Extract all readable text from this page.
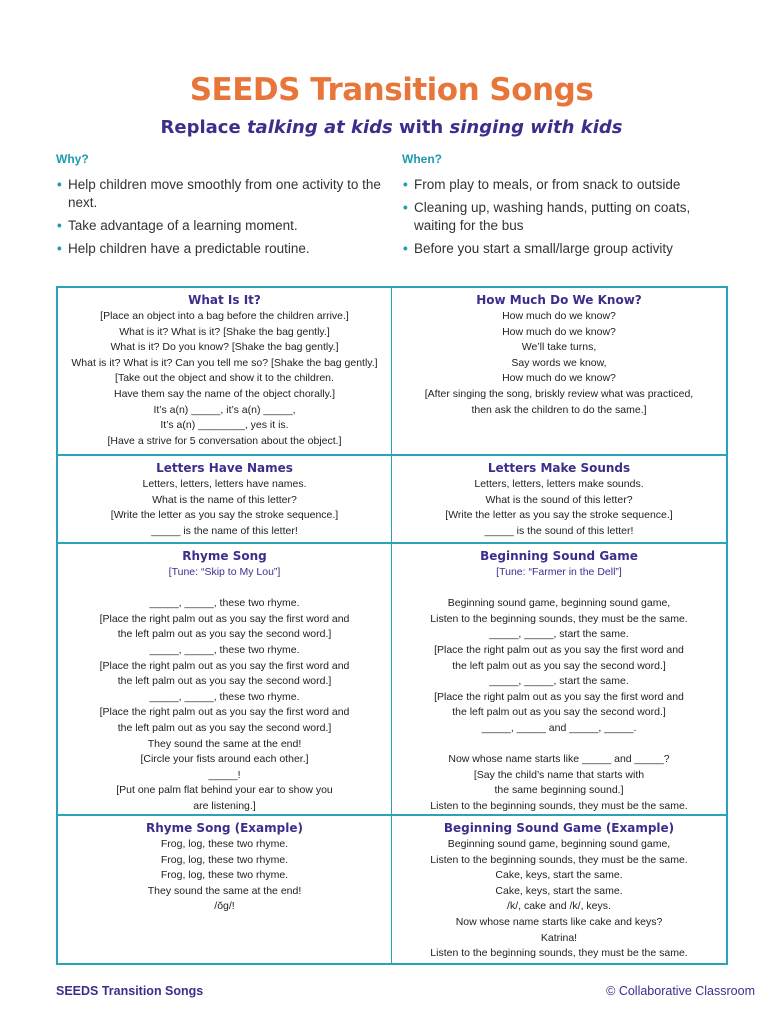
SEEDS Transition Songs
Replace talking at kids with singing with kids
Why?
• Help children move smoothly from one activity to the next.
• Take advantage of a learning moment.
• Help children have a predictable routine.
When?
• From play to meals, or from snack to outside
• Cleaning up, washing hands, putting on coats, waiting for the bus
• Before you start a small/large group activity
What Is It?
[Place an object into a bag before the children arrive.]
What is it? What is it? [Shake the bag gently.]
What is it? Do you know? [Shake the bag gently.]
What is it? What is it? Can you tell me so? [Shake the bag gently.]
[Take out the object and show it to the children.
Have them say the name of the object chorally.]
It’s a(n) _____, it’s a(n) _____,
It’s a(n) ________, yes it is.
[Have a strive for 5 conversation about the object.]
How Much Do We Know?
How much do we know?
How much do we know?
We’ll take turns,
Say words we know,
How much do we know?
[After singing the song, briskly review what was practiced,
then ask the children to do the same.]
Letters Have Names
Letters, letters, letters have names.
What is the name of this letter?
[Write the letter as you say the stroke sequence.]
_____ is the name of this letter!
Letters Make Sounds
Letters, letters, letters make sounds.
What is the sound of this letter?
[Write the letter as you say the stroke sequence.]
_____ is the sound of this letter!
Rhyme Song
[Tune: “Skip to My Lou”]
_____, _____, these two rhyme.
[Place the right palm out as you say the first word and
the left palm out as you say the second word.]
_____, _____, these two rhyme.
[Place the right palm out as you say the first word and
the left palm out as you say the second word.]
_____, _____, these two rhyme.
[Place the right palm out as you say the first word and
the left palm out as you say the second word.]
They sound the same at the end!
[Circle your fists around each other.]
_____!
[Put one palm flat behind your ear to show you
are listening.]
Beginning Sound Game
[Tune: “Farmer in the Dell”]
Beginning sound game, beginning sound game,
Listen to the beginning sounds, they must be the same.
_____, _____, start the same.
[Place the right palm out as you say the first word and
the left palm out as you say the second word.]
_____, _____, start the same.
[Place the right palm out as you say the first word and
the left palm out as you say the second word.]
_____, _____ and _____, _____.
Now whose name starts like _____ and _____?
[Say the child’s name that starts with
the same beginning sound.]
Listen to the beginning sounds, they must be the same.
Rhyme Song (Example)
Frog, log, these two rhyme.
Frog, log, these two rhyme.
Frog, log, these two rhyme.
They sound the same at the end!
/ŏg/!
Beginning Sound Game (Example)
Beginning sound game, beginning sound game,
Listen to the beginning sounds, they must be the same.
Cake, keys, start the same.
Cake, keys, start the same.
/k/, cake and /k/, keys.
Now whose name starts like cake and keys?
Katrina!
Listen to the beginning sounds, they must be the same.
SEEDS Transition Songs	© Collaborative Classroom
